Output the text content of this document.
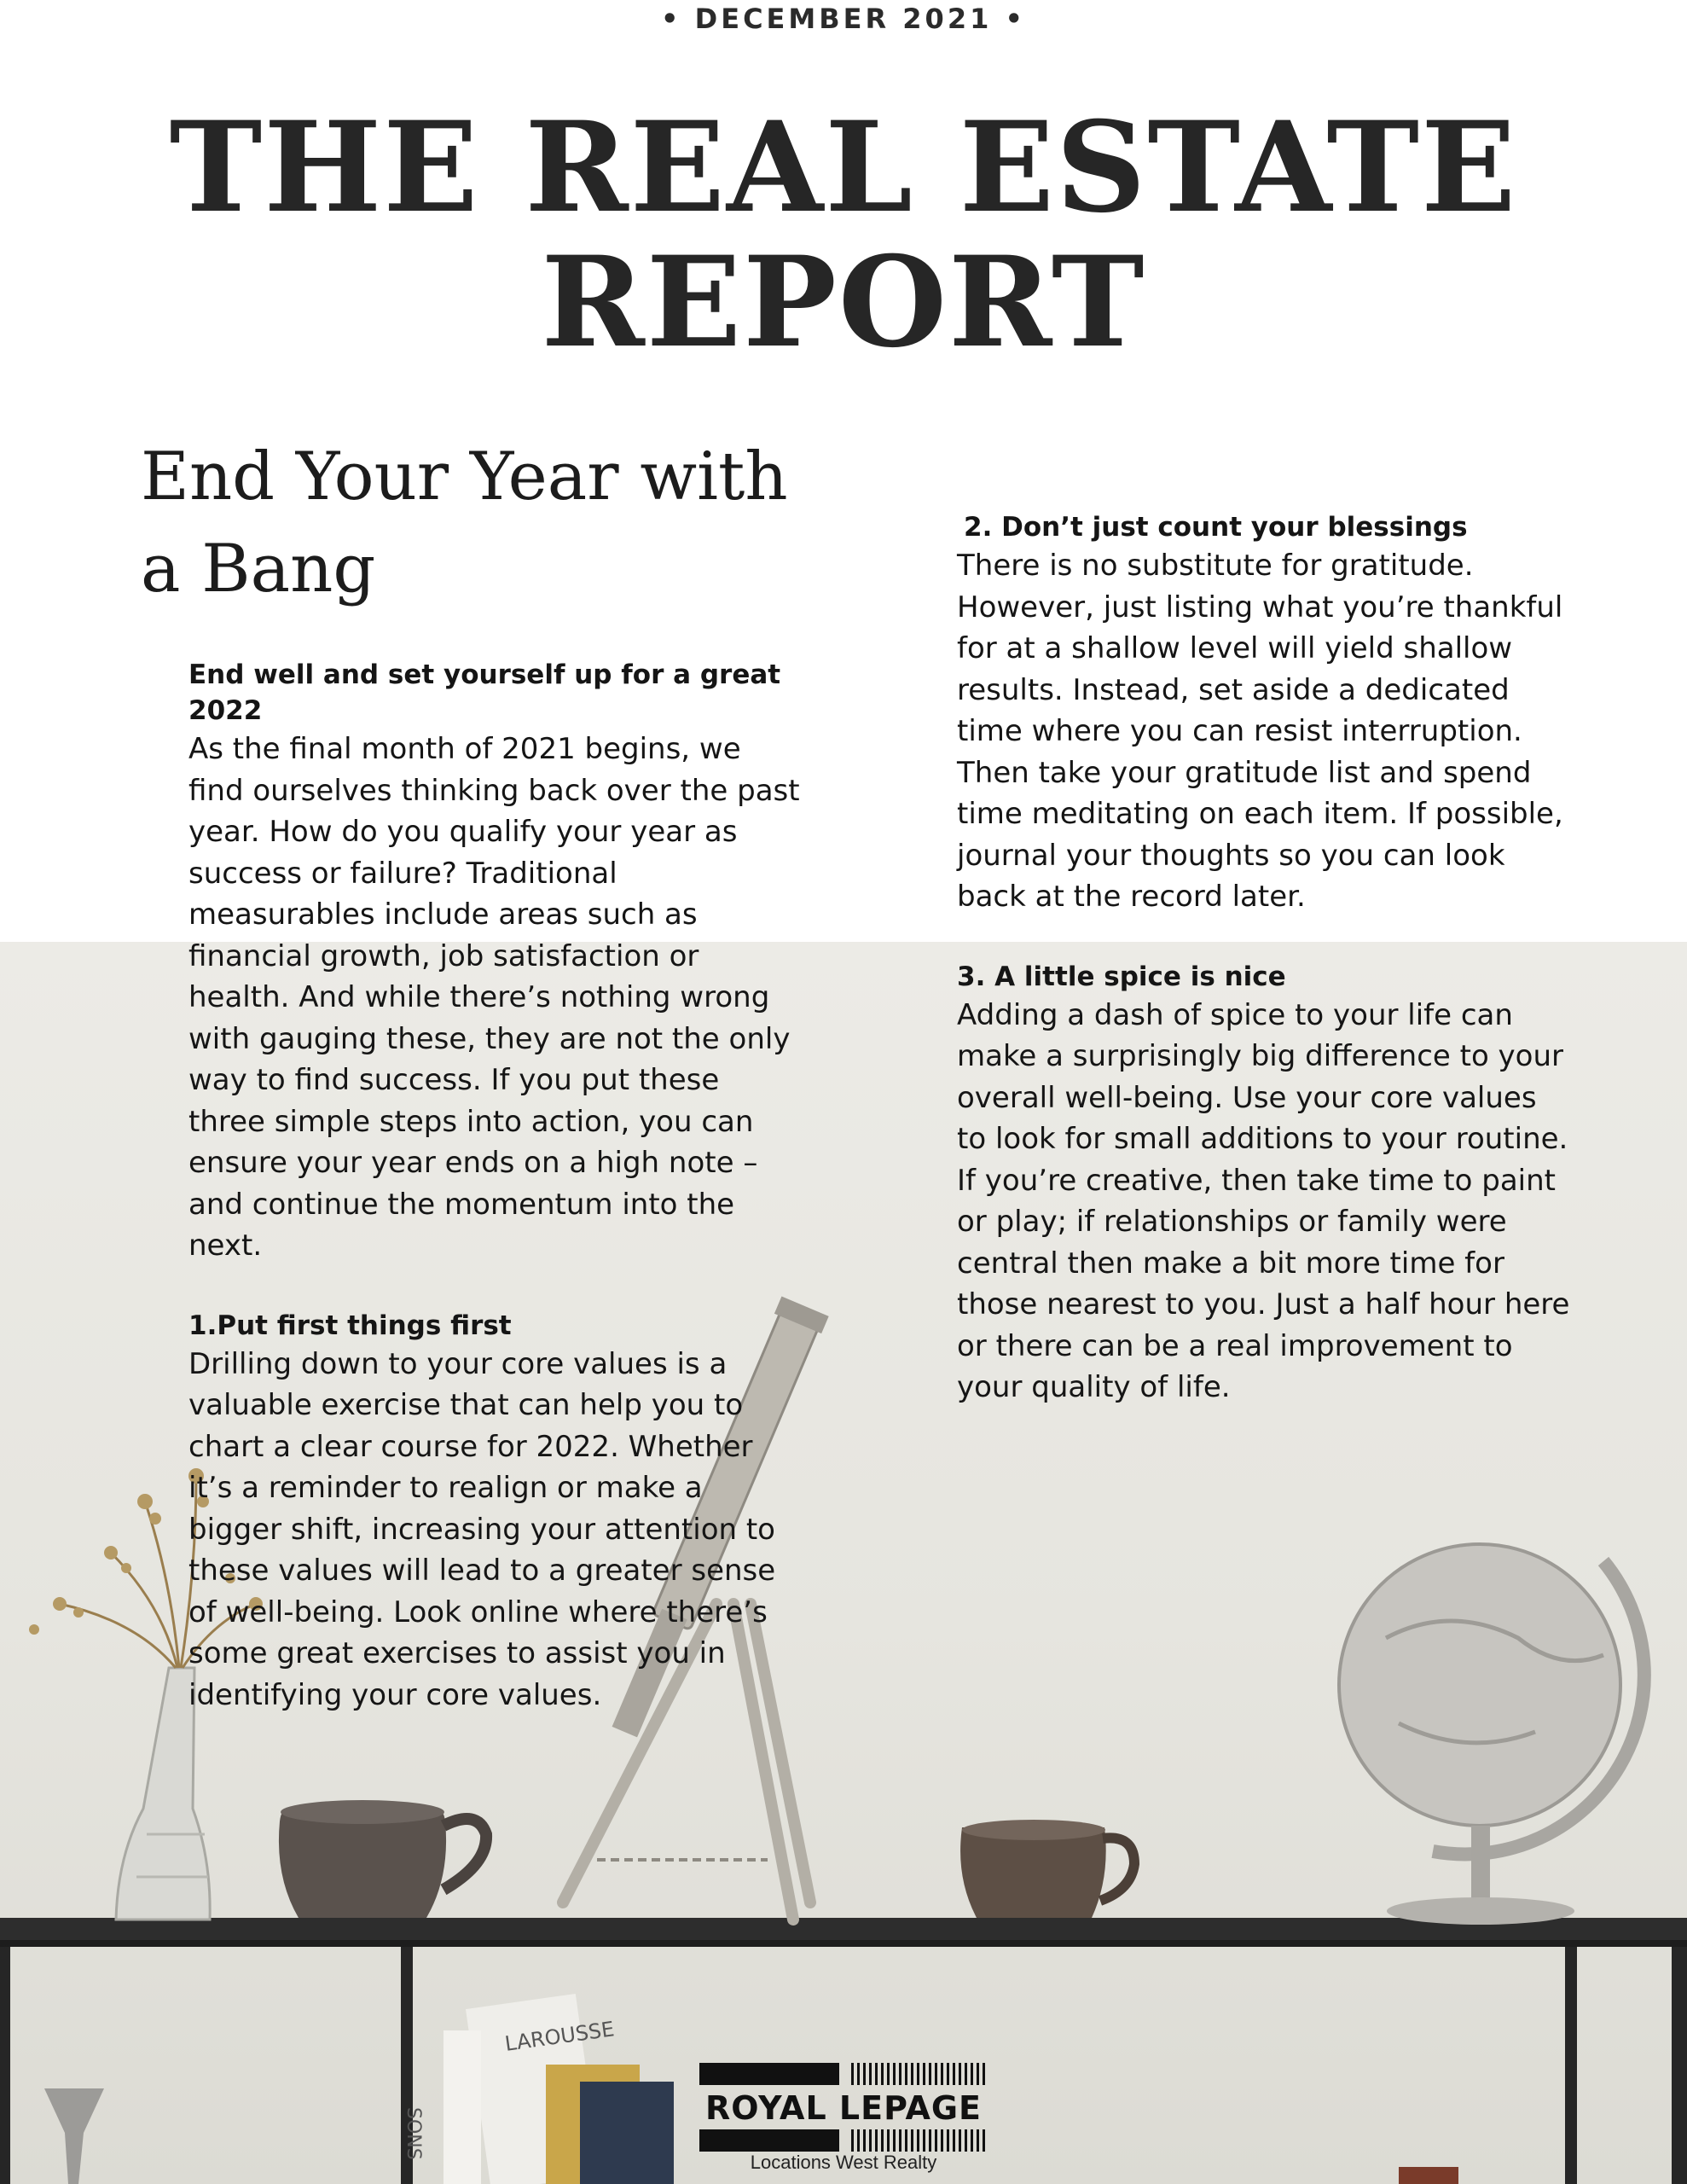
LAROUSSE
SONS
• DECEMBER 2021 •
THE REAL ESTATE
REPORT
End Your Year with a Bang
End well and set yourself up for a great 2022

As the final month of 2021 begins, we find ourselves thinking back over the past year. How do you qualify your year as success or failure? Traditional measurables include areas such as financial growth, job satisfaction or health. And while there’s nothing wrong with gauging these, they are not the only way to find success. If you put these three simple steps into action, you can ensure your year ends on a high note – and continue the momentum into the next.

1.Put first things first

Drilling down to your core values is a valuable exercise that can help you to chart a clear course for 2022. Whether it’s a reminder to realign or make a bigger shift, increasing your attention to these values will lead to a greater sense of well-being. Look online where there’s some great exercises to assist you in identifying your core values.

2. Don’t just count your blessings

There is no substitute for gratitude. However, just listing what you’re thankful for at a shallow level will yield shallow results. Instead, set aside a dedicated time where you can resist interruption. Then take your gratitude list and spend time meditating on each item. If possible, journal your thoughts so you can look back at the record later.

3. A little spice is nice

Adding a dash of spice to your life can make a surprisingly big difference to your overall well-being. Use your core values to look for small additions to your routine. If you’re creative, then take time to paint or play; if relationships or family were central then make a bit more time for those nearest to you. Just a half hour here or there can be a real improvement to your quality of life.

ROYAL LEPAGE
Locations West Realty
